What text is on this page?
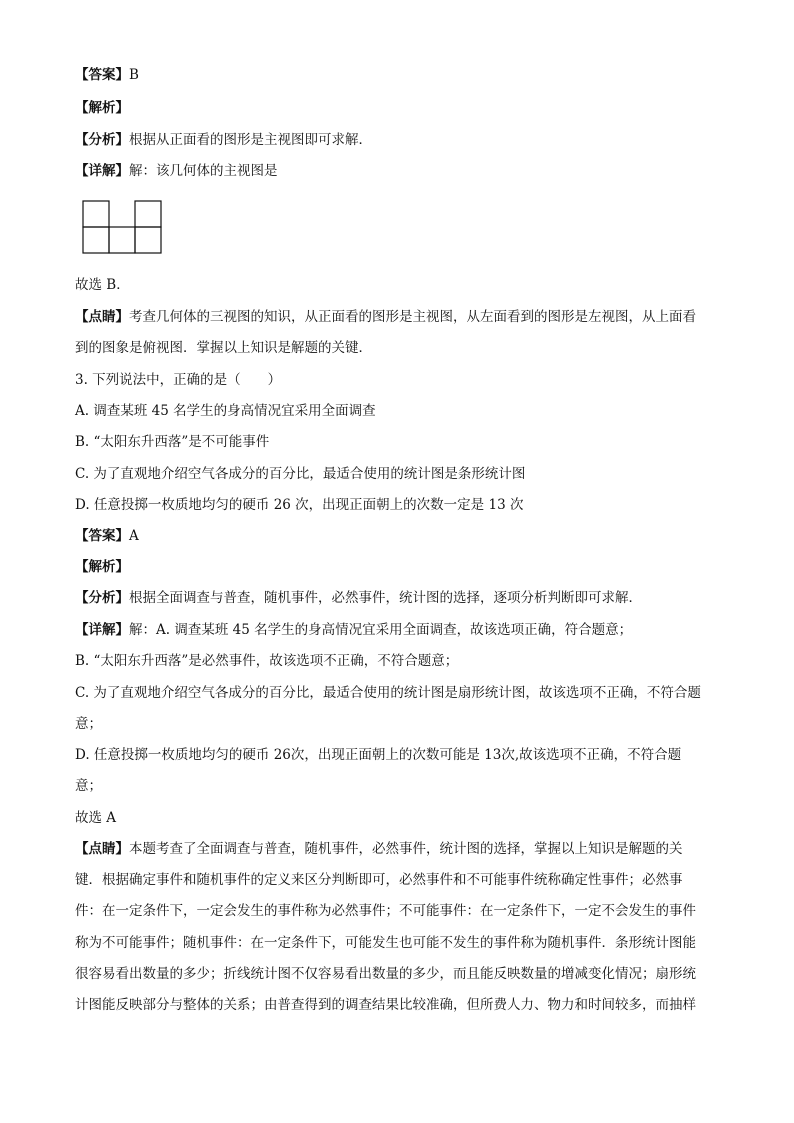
【答案】B
【解析】
【分析】根据从正面看的图形是主视图即可求解．
【详解】解：该几何体的主视图是
故选 B．
【点睛】考查几何体的三视图的知识，从正面看的图形是主视图，从左面看到的图形是左视图，从上面看
到的图象是俯视图．掌握以上知识是解题的关键．
3. 下列说法中，正确的是（　　）
A. 调查某班 45 名学生的身高情况宜采用全面调查
B. “太阳东升西落”是不可能事件
C. 为了直观地介绍空气各成分的百分比，最适合使用的统计图是条形统计图
D. 任意投掷一枚质地均匀的硬币 26 次，出现正面朝上的次数一定是 13 次
【答案】A
【解析】
【分析】根据全面调查与普查，随机事件，必然事件，统计图的选择，逐项分析判断即可求解．
【详解】解：A. 调查某班 45 名学生的身高情况宜采用全面调查，故该选项正确，符合题意；
B. “太阳东升西落”是必然事件，故该选项不正确，不符合题意；
C. 为了直观地介绍空气各成分的百分比，最适合使用的统计图是扇形统计图，故该选项不正确，不符合题
意；
D. 任意投掷一枚质地均匀的硬币 26次，出现正面朝上的次数可能是 13次,故该选项不正确，不符合题
意；
故选 A
【点睛】本题考查了全面调查与普查，随机事件，必然事件，统计图的选择，掌握以上知识是解题的关
键．根据确定事件和随机事件的定义来区分判断即可，必然事件和不可能事件统称确定性事件；必然事
件：在一定条件下，一定会发生的事件称为必然事件；不可能事件：在一定条件下，一定不会发生的事件
称为不可能事件；随机事件：在一定条件下，可能发生也可能不发生的事件称为随机事件．条形统计图能
很容易看出数量的多少；折线统计图不仅容易看出数量的多少，而且能反映数量的增减变化情况；扇形统
计图能反映部分与整体的关系；由普查得到的调查结果比较准确，但所费人力、物力和时间较多，而抽样
